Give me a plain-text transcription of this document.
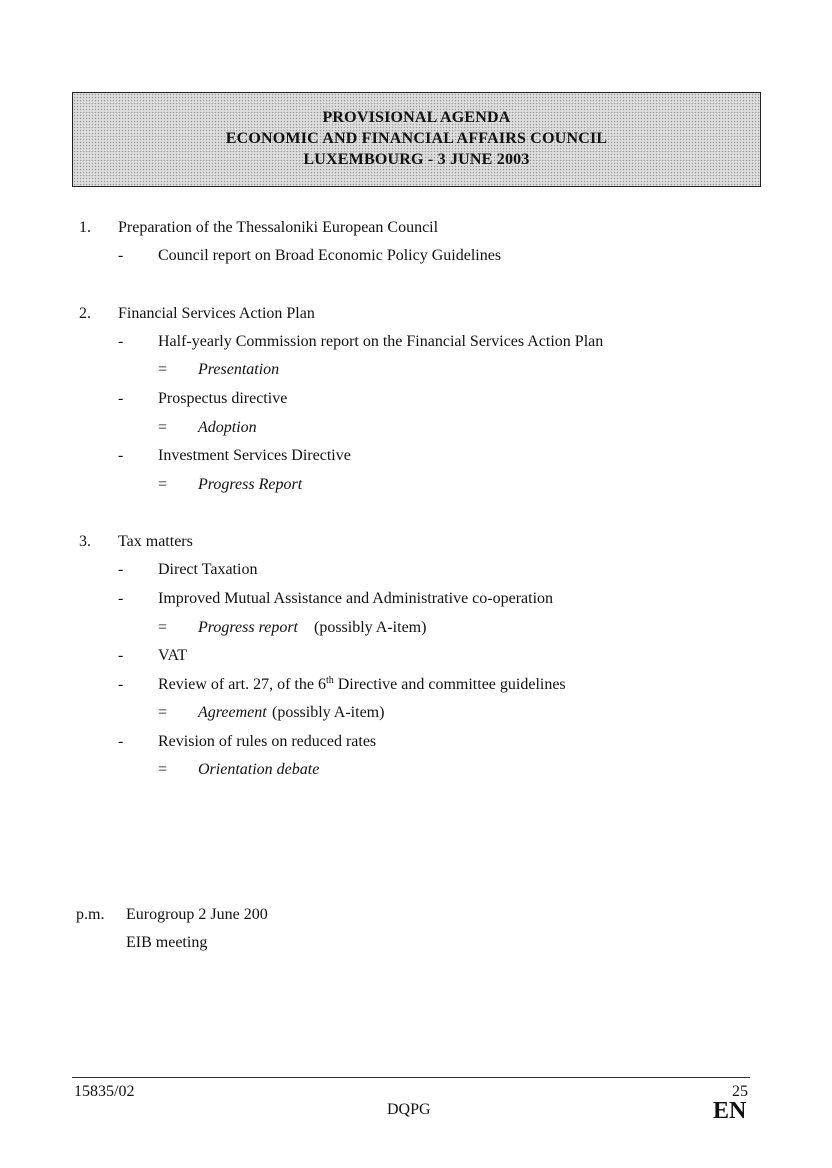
PROVISIONAL AGENDA
ECONOMIC AND FINANCIAL AFFAIRS COUNCIL
LUXEMBOURG - 3 JUNE 2003
1. Preparation of the Thessaloniki European Council
- Council report on Broad Economic Policy Guidelines
2. Financial Services Action Plan
- Half-yearly Commission report on the Financial Services Action Plan
= Presentation
- Prospectus directive
= Adoption
- Investment Services Directive
= Progress Report
3. Tax matters
- Direct Taxation
- Improved Mutual Assistance and Administrative co-operation
= Progress report (possibly A-item)
- VAT
- Review of art. 27, of the 6th Directive and committee guidelines
= Agreement (possibly A-item)
- Revision of rules on reduced rates
= Orientation debate
p.m. Eurogroup 2 June 200
EIB meeting
15835/02
DQPG
25
EN
